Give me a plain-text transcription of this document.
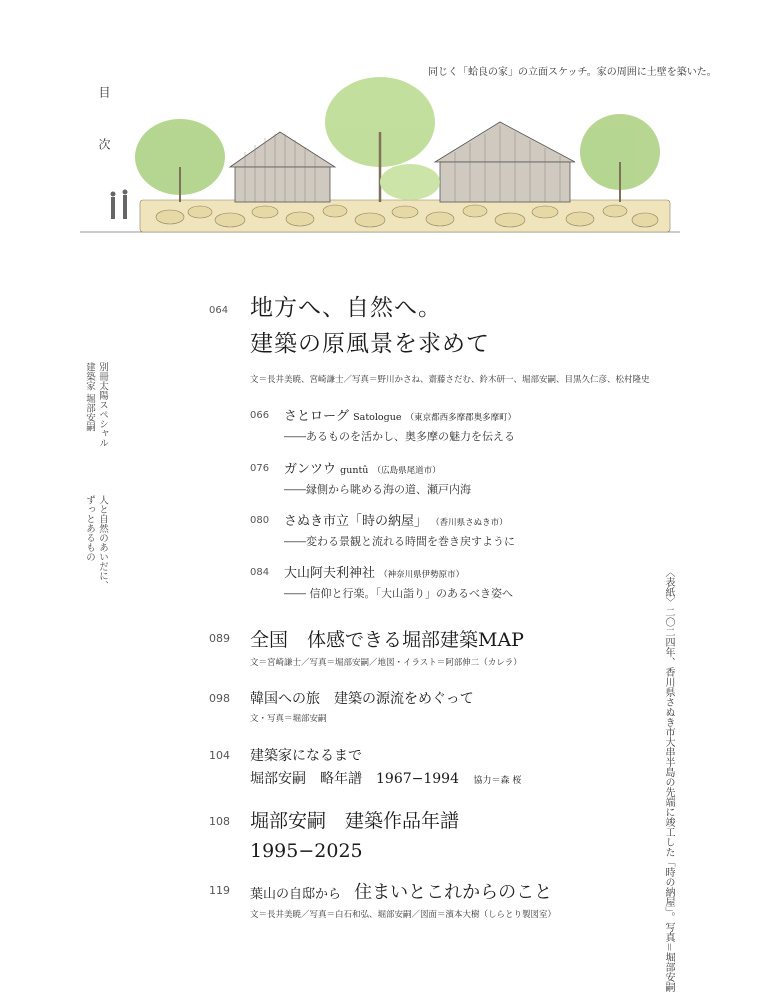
同じく「蛤良の家」の立面スケッチ。家の周囲に土壁を築いた。
目 次
別冊太陽スペシャル
建築家 堀部安嗣
人と自然のあいだに、
ずっとあるもの
〈表紙〉二〇二四年、香川県さぬき市大串半島の先端に竣工した「時の納屋」。写真＝堀部安嗣
064 地方へ、自然へ。
建築の原風景を求めて
文＝長井美暁、宮崎謙士／写真＝野川かさね、齋藤さだむ、鈴木研一、堀部安嗣、目黒久仁彦、松村隆史
066 さとローグ Satologue （東京都西多摩郡奥多摩町）
――あるものを活かし、奥多摩の魅力を伝える
076 ガンツウ guntû （広島県尾道市）
――縁側から眺める海の道、瀬戸内海
080 さぬき市立「時の納屋」 （香川県さぬき市）
――変わる景観と流れる時間を巻き戻すように
084 大山阿夫利神社 （神奈川県伊勢原市）
―― 信仰と行楽。「大山詣り」のあるべき姿へ
089 全国　体感できる堀部建築MAP
文＝宮崎謙士／写真＝堀部安嗣／地図・イラスト＝阿部伸二（カレラ）
098 韓国への旅　建築の源流をめぐって
文・写真＝堀部安嗣
104 建築家になるまで
堀部安嗣　略年譜　1967−1994 協力＝森 桜
108 堀部安嗣　建築作品年譜
1995−2025
119 葉山の自邸から 住まいとこれからのこと
文＝長井美暁／写真＝白石和弘、堀部安嗣／図面＝濱本大樹（しらとり製図室）
